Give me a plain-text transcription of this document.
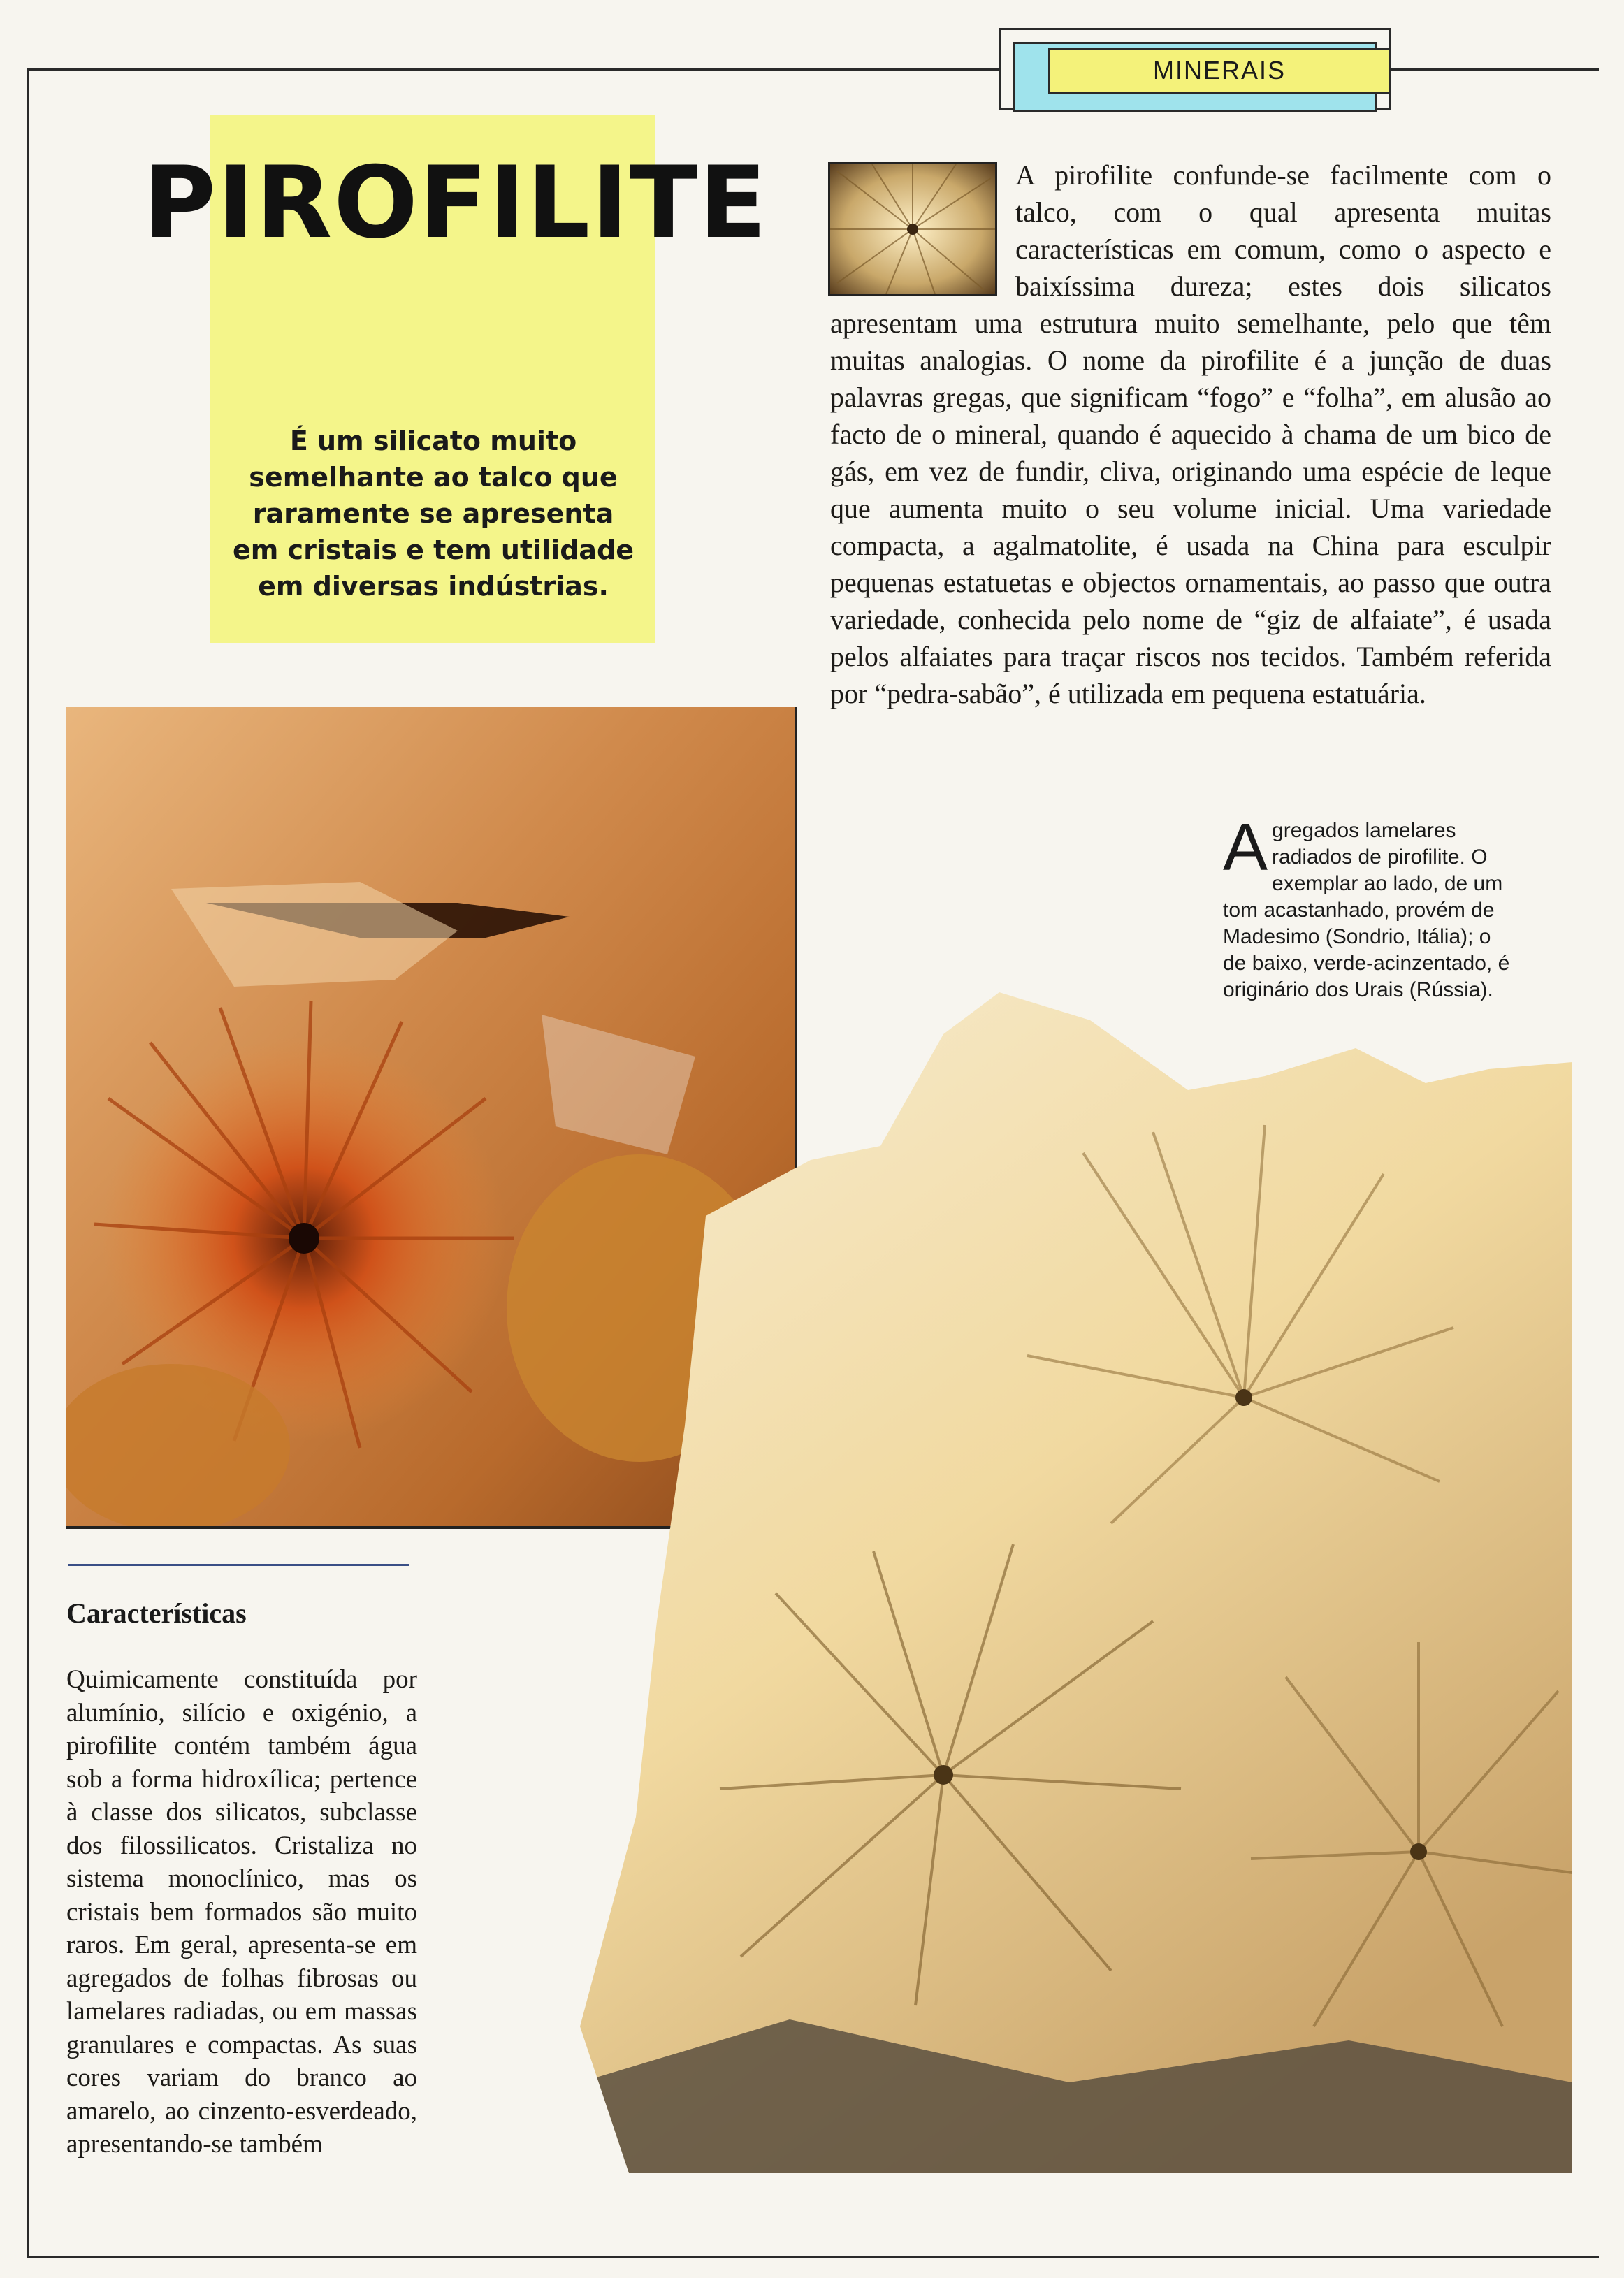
MINERAIS
PIROFILITE
É um silicato muito semelhante ao talco que raramente se apresenta em cristais e tem utilidade em diversas indústrias.
A pirofilite confunde-se facilmente com o talco, com o qual apresenta muitas características em comum, como o aspecto e baixíssima dureza; estes dois silicatos apresentam uma estrutura muito semelhante, pelo que têm muitas analogias. O nome da pirofilite é a junção de duas palavras gregas, que significam “fogo” e “folha”, em alusão ao facto de o mineral, quando é aquecido à chama de um bico de gás, em vez de fundir, cliva, originando uma espécie de leque que aumenta muito o seu volume inicial. Uma variedade compacta, a agalmatolite, é usada na China para esculpir pequenas estatuetas e objectos ornamentais, ao passo que outra variedade, conhecida pelo nome de “giz de alfaiate”, é usada pelos alfaiates para traçar riscos nos tecidos. Também referida por “pedra-sabão”, é utilizada em pequena estatuária.
A gregados lamelares radiados de pirofilite. O exemplar ao lado, de um tom acastanhado, provém de Madesimo (Sondrio, Itália); o de baixo, verde-acinzentado, é originário dos Urais (Rússia).
Características
Quimicamente constituída por alumínio, silício e oxigénio, a pirofilite contém também água sob a forma hidroxílica; pertence à classe dos silicatos, subclasse dos filossilicatos. Cristaliza no sistema monoclínico, mas os cristais bem formados são muito raros. Em geral, apresenta-se em agregados de folhas fibrosas ou lamelares radiadas, ou em massas granulares e compactas. As suas cores variam do branco ao amarelo, ao cinzento-esverdeado, apresentando-se também
